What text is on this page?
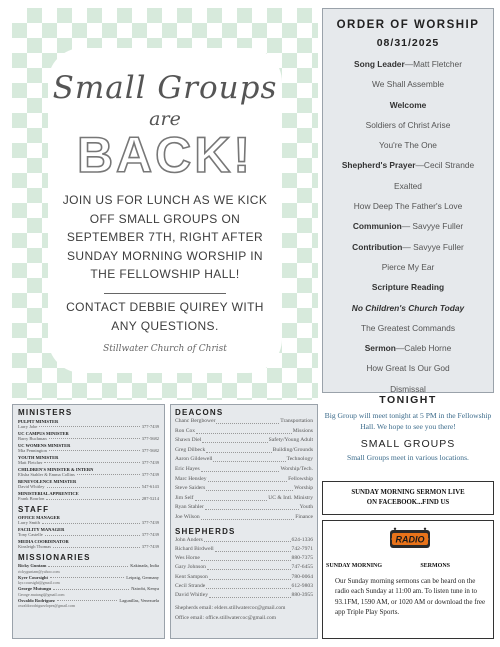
Small Groups
are
BACK!
JOIN US FOR LUNCH AS WE KICK OFF SMALL GROUPS ON SEPTEMBER 7TH, RIGHT AFTER SUNDAY MORNING WORSHIP IN THE FELLOWSHIP HALL!
CONTACT DEBBIE QUIREY WITH ANY QUESTIONS.
Stillwater Church of Christ
ORDER OF WORSHIP
08/31/2025
Song Leader—Matt Fletcher
We Shall Assemble
Welcome
Soldiers of Christ Arise
You're The One
Shepherd's Prayer—Cecil Strande
Exalted
How Deep The Father's Love
Communion— Savyye Fuller
Contribution— Savyye Fuller
Pierce My Ear
Scripture Reading
No Children's Church Today
The Greatest Commands
Sermon—Caleb Horne
How Great Is Our God
Dismissal
TONIGHT
Big Group will meet tonight at 5 PM in the Fellowship Hall. We hope to see you there!
SMALL GROUPS
Small Groups meet in various locations.
MINISTERS
PULPIT MINISTER
Larry Jobe	377-7439
UC CAMPUS MINISTER
Barry Buchman	377-5682
UC WOMENS MINISTER
Mia Pennington	377-5682
YOUTH MINISTER
Matt Fletcher	377-7439
CHILDREN'S MINISTER & INTERN
Elisha Stahler & Emma Collins	377-7439
BENEVOLENCE MINISTER
David Whitley	547-6143
MINISTERIAL APPRENTICE
Frank Bourlon	287-5214
STAFF
OFFICE MANAGER
Larry Smith	377-7439
FACILITY MANAGER
Tony Castelle	377-7439
MEDIA COORDINATOR
Kinsleigh Thomas	377-7439
MISSIONARIES
Ricky Guntam	Kakinada, India
rickyguntam@yahoo.com
Kyer Coursight	Leipzig, Germany
kyr.coursight@gmail.com
George Mutungu	Nairobi, Kenya
George.mutangi@gmail.com
Osvaldo Rodriguez	Lagunillas, Venezuela
osvaldorodriguezlopez@gmail.com
DEACONS
Chanc Bergbower	Transportation
Ron Cox	Missions
Shawn Diel	Safety/Young Adult
Greg Dilbeck	Building/Grounds
Aaron Gildewell	Technology
Eric Hayes	Worship/Tech.
Marc Hensley	Fellowship
Steve Saiders	Worship
Jim Self	UC & Intl. Ministry
Ryan Stahler	Youth
Joe Wilson	Finance
SHEPHERDS
John Anders	624-1336
Richard Birdwell	742-7971
Wes Horne	880-7375
Gary Johnson	747-6455
Kent Sampson	780-0064
Cecil Strande	612-9803
David Whitley	880-3955
Shepherds email: elders.stillwatercoc@gmail.com
Office email: office.stillwatercoc@gmail.com
SUNDAY MORNING SERMON LIVE
ON FACEBOOK...FIND US
RADIO
SUNDAY MORNING	SERMONS
Our Sunday morning sermons can be heard on the radio each Sunday at 11:00 am. To listen tune in to 93.1FM, 1590 AM, or 1020 AM or download the free app Triple Play Sports.
